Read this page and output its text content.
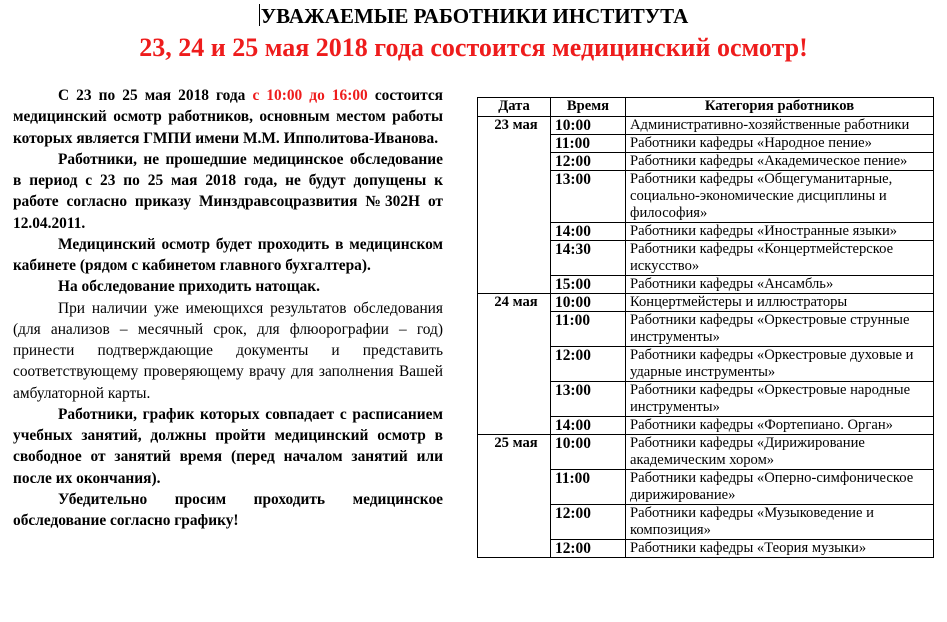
УВАЖАЕМЫЕ РАБОТНИКИ ИНСТИТУТА
23, 24 и 25 мая 2018 года состоится медицинский осмотр!

С 23 по 25 мая 2018 года с 10:00 до 16:00 состоится медицинский осмотр работников, основным местом работы которых является ГМПИ имени М.М. Ипполитова-Иванова.

Работники, не прошедшие медицинское обследование в период с 23 по 25 мая 2018 года, не будут допущены к работе согласно приказу Минздравсоцразвития №302Н от 12.04.2011.

Медицинский осмотр будет проходить в медицинском кабинете (рядом с кабинетом главного бухгалтера).

На обследование приходить натощак.

При наличии уже имеющихся результатов обследования (для анализов – месячный срок, для флюорографии – год) принести подтверждающие документы и представить соответствующему проверяющему врачу для заполнения Вашей амбулаторной карты.

Работники, график которых совпадает с расписанием учебных занятий, должны пройти медицинский осмотр в свободное от занятий время (перед началом занятий или после их окончания).

Убедительно просим проходить медицинское обследование согласно графику!

Дата	Время	Категория работников
23 мая	10:00	Административно-хозяйственные работники
	11:00	Работники кафедры «Народное пение»
	12:00	Работники кафедры «Академическое пение»
	13:00	Работники кафедры «Общегуманитарные, социально-экономические дисциплины и философия»
	14:00	Работники кафедры «Иностранные языки»
	14:30	Работники кафедры «Концертмейстерское искусство»
	15:00	Работники кафедры «Ансамбль»
24 мая	10:00	Концертмейстеры и иллюстраторы
	11:00	Работники кафедры «Оркестровые струнные инструменты»
	12:00	Работники кафедры «Оркестровые духовые и ударные инструменты»
	13:00	Работники кафедры «Оркестровые народные инструменты»
	14:00	Работники кафедры «Фортепиано. Орган»
25 мая	10:00	Работники кафедры «Дирижирование академическим хором»
	11:00	Работники кафедры «Оперно-симфоническое дирижирование»
	12:00	Работники кафедры «Музыковедение и композиция»
	12:00	Работники кафедры «Теория музыки»
